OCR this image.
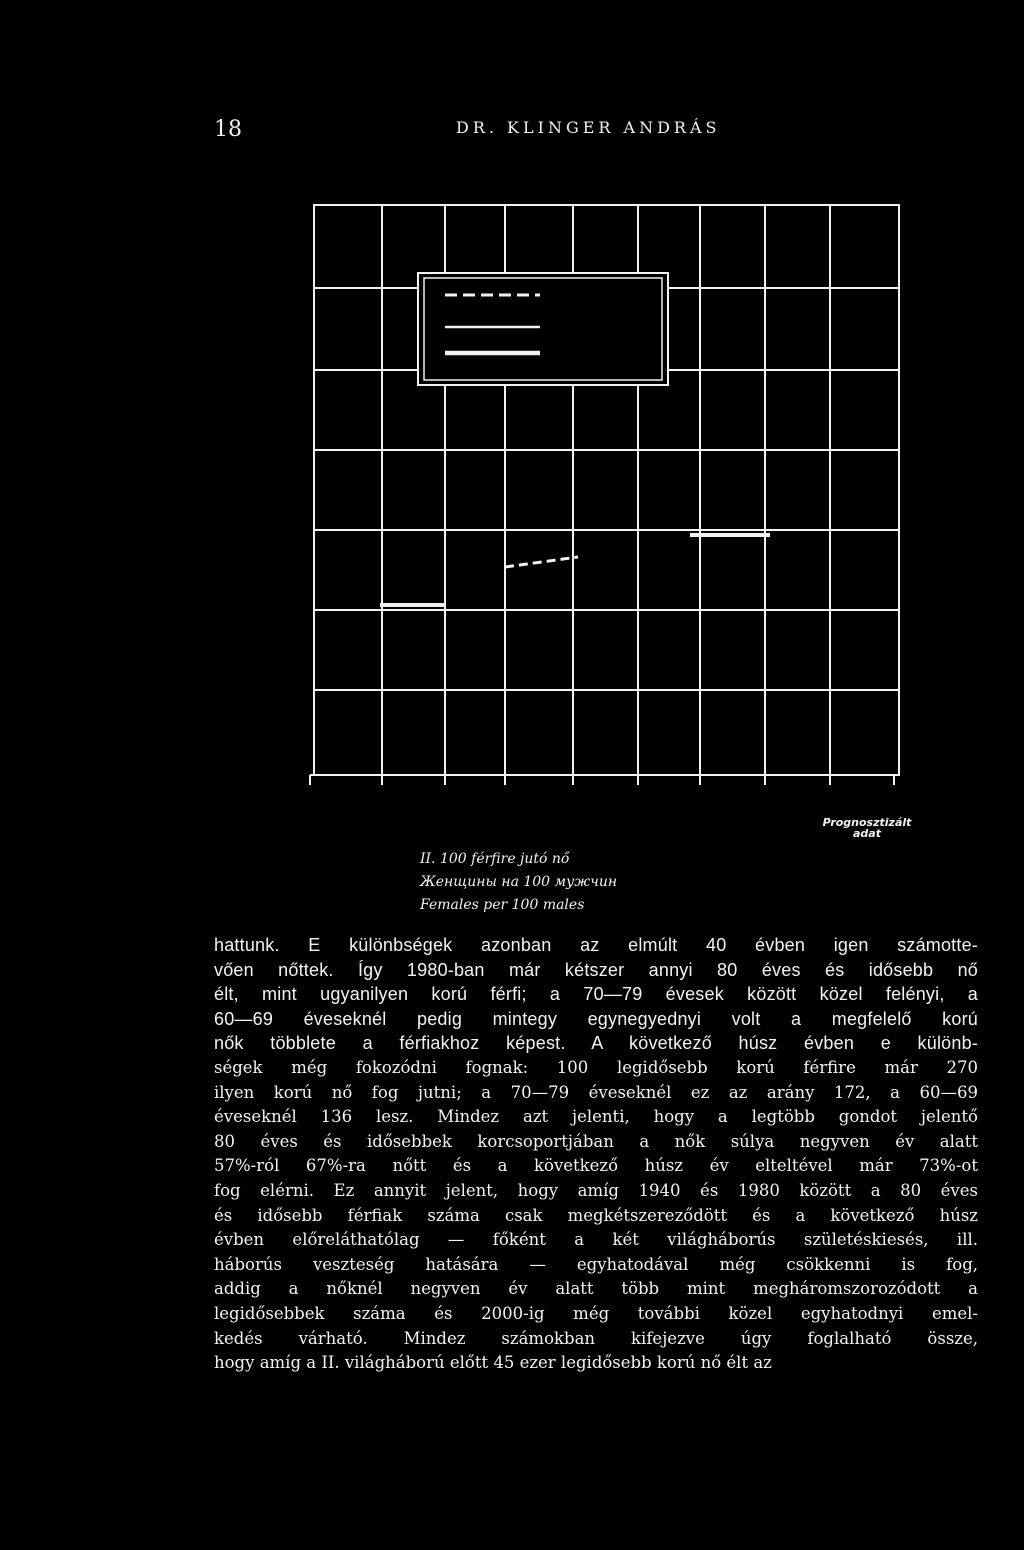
18	DR. KLINGER ANDRÁS
Prognosztizált adat
II. 100 férfire jutó nő
Женщины на 100 мужчин
Females per 100 males
hattunk. E különbségek azonban az elmúlt 40 évben igen számotte-
vően nőttek. Így 1980-ban már kétszer annyi 80 éves és idősebb nő
élt, mint ugyanilyen korú férfi; a 70—79 évesek között közel felényi, a
60—69 éveseknél pedig mintegy egynegyednyi volt a megfelelő korú
nők többlete a férfiakhoz képest. A következő húsz évben e különb-
ségek még fokozódni fognak: 100 legidősebb korú férfire már 270
ilyen korú nő fog jutni; a 70—79 éveseknél ez az arány 172, a 60—69
éveseknél 136 lesz. Mindez azt jelenti, hogy a legtöbb gondot jelentő
80 éves és idősebbek korcsoportjában a nők súlya negyven év alatt
57%-ról 67%-ra nőtt és a következő húsz év elteltével már 73%-ot
fog elérni. Ez annyit jelent, hogy amíg 1940 és 1980 között a 80 éves
és idősebb férfiak száma csak megkétszereződött és a következő húsz
évben előreláthatólag — főként a két világháborús születéskiesés, ill.
háborús veszteség hatására — egyhatodával még csökkenni is fog,
addig a nőknél negyven év alatt több mint megháromszorozódott a
legidősebbek száma és 2000-ig még további közel egyhatodnyi emel-
kedés várható. Mindez számokban kifejezve úgy foglalható össze,
hogy amíg a II. világháború előtt 45 ezer legidősebb korú nő élt az
